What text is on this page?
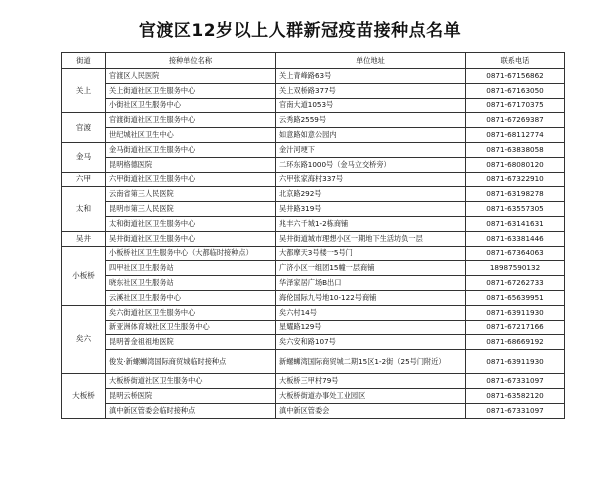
官渡区12岁以上人群新冠疫苗接种点名单
街道	接种单位名称	单位地址	联系电话
关上	官渡区人民医院	关上青峰路63号	0871-67156862
	关上街道社区卫生服务中心	关上双桥路377号	0871-67163050
	小街社区卫生服务中心	官南大道1053号	0871-67170375
官渡	官渡街道社区卫生服务中心	云秀路2559号	0871-67269387
	世纪城社区卫生中心	如意路如意公园内	0871-68112774
金马	金马街道社区卫生服务中心	金汁河埂下	0871-63838058
	昆明格德医院	二环东路1000号（金马立交桥旁）	0871-68080120
六甲	六甲街道社区卫生服务中心	六甲张家海村337号	0871-67322910
太和	云南省第三人民医院	北京路292号	0871-63198278
	昆明市第三人民医院	吴井路319号	0871-63557305
	太和街道社区卫生服务中心	兆丰六千城1-2栋商铺	0871-63141631
吴井	吴井街道社区卫生服务中心	吴井街道城市理想小区一期地下生活坊负一层	0871-63381446
小板桥	小板桥社区卫生服务中心（大都临时接种点）	大都摩天3号楼一5号门	0871-67364063
	四甲社区卫生服务站	广济小区一组团15幢一层商铺	18987590132
	晓东社区卫生服务站	华泽家居广场B出口	0871-67262733
	云溪社区卫生服务中心	海伦国际九号地10-122号商铺	0871-65639951
矣六	矣六街道社区卫生服务中心	矣六村14号	0871-63911930
	新亚洲体育城社区卫生服务中心	星耀路129号	0871-67217166
	昆明普金祖祖地医院	矣六安和路107号	0871-68669192
	俊发·新螺蛳湾国际商贸城临时接种点	新螺蛳湾国际商贸城二期15区1-2街（25号门附近）	0871-63911930
大板桥	大板桥街道社区卫生服务中心	大板桥三甲村79号	0871-67331097
	昆明云桥医院	大板桥街道办事处工业园区	0871-63582120
	滇中新区管委会临时接种点	滇中新区管委会	0871-67331097
